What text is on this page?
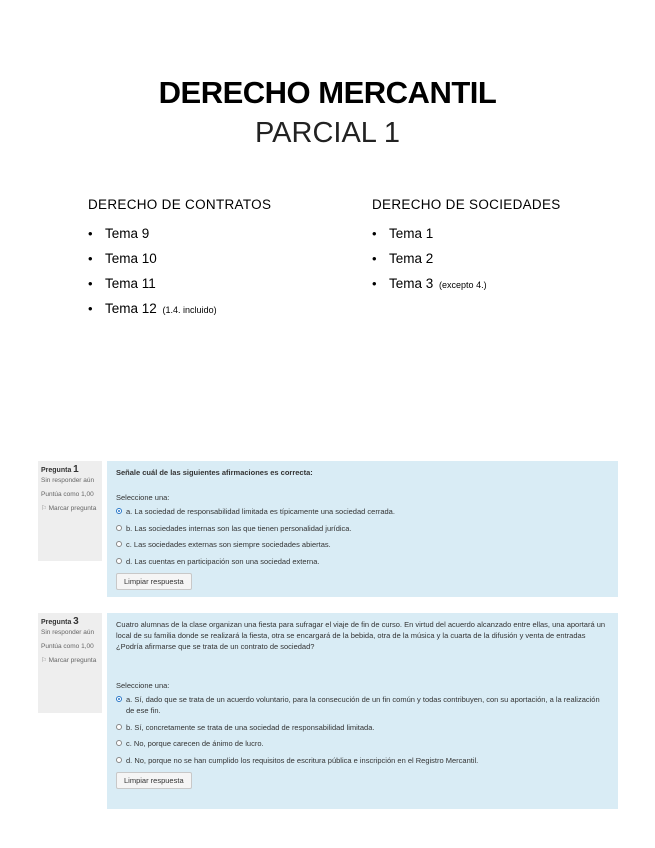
DERECHO MERCANTIL
PARCIAL 1
DERECHO DE CONTRATOS
• Tema 9
• Tema 10
• Tema 11
• Tema 12 (1.4. incluido)
DERECHO DE SOCIEDADES
• Tema 1
• Tema 2
• Tema 3 (excepto 4.)
Pregunta 1
Sin responder aún
Puntúa como 1,00
⚐ Marcar pregunta
Señale cuál de las siguientes afirmaciones es correcta:
Seleccione una:
a. La sociedad de responsabilidad limitada es típicamente una sociedad cerrada.
b. Las sociedades internas son las que tienen personalidad jurídica.
c. Las sociedades externas son siempre sociedades abiertas.
d. Las cuentas en participación son una sociedad externa.
Limpiar respuesta
Pregunta 3
Sin responder aún
Puntúa como 1,00
⚐ Marcar pregunta
Cuatro alumnas de la clase organizan una fiesta para sufragar el viaje de fin de curso. En virtud del acuerdo alcanzado entre ellas, una aportará un local de su familia donde se realizará la fiesta, otra se encargará de la bebida, otra de la música y la cuarta de la difusión y venta de entradas ¿Podría afirmarse que se trata de un contrato de sociedad?
Seleccione una:
a. Sí, dado que se trata de un acuerdo voluntario, para la consecución de un fin común y todas contribuyen, con su aportación, a la realización de ese fin.
b. Sí, concretamente se trata de una sociedad de responsabilidad limitada.
c. No, porque carecen de ánimo de lucro.
d. No, porque no se han cumplido los requisitos de escritura pública e inscripción en el Registro Mercantil.
Limpiar respuesta
